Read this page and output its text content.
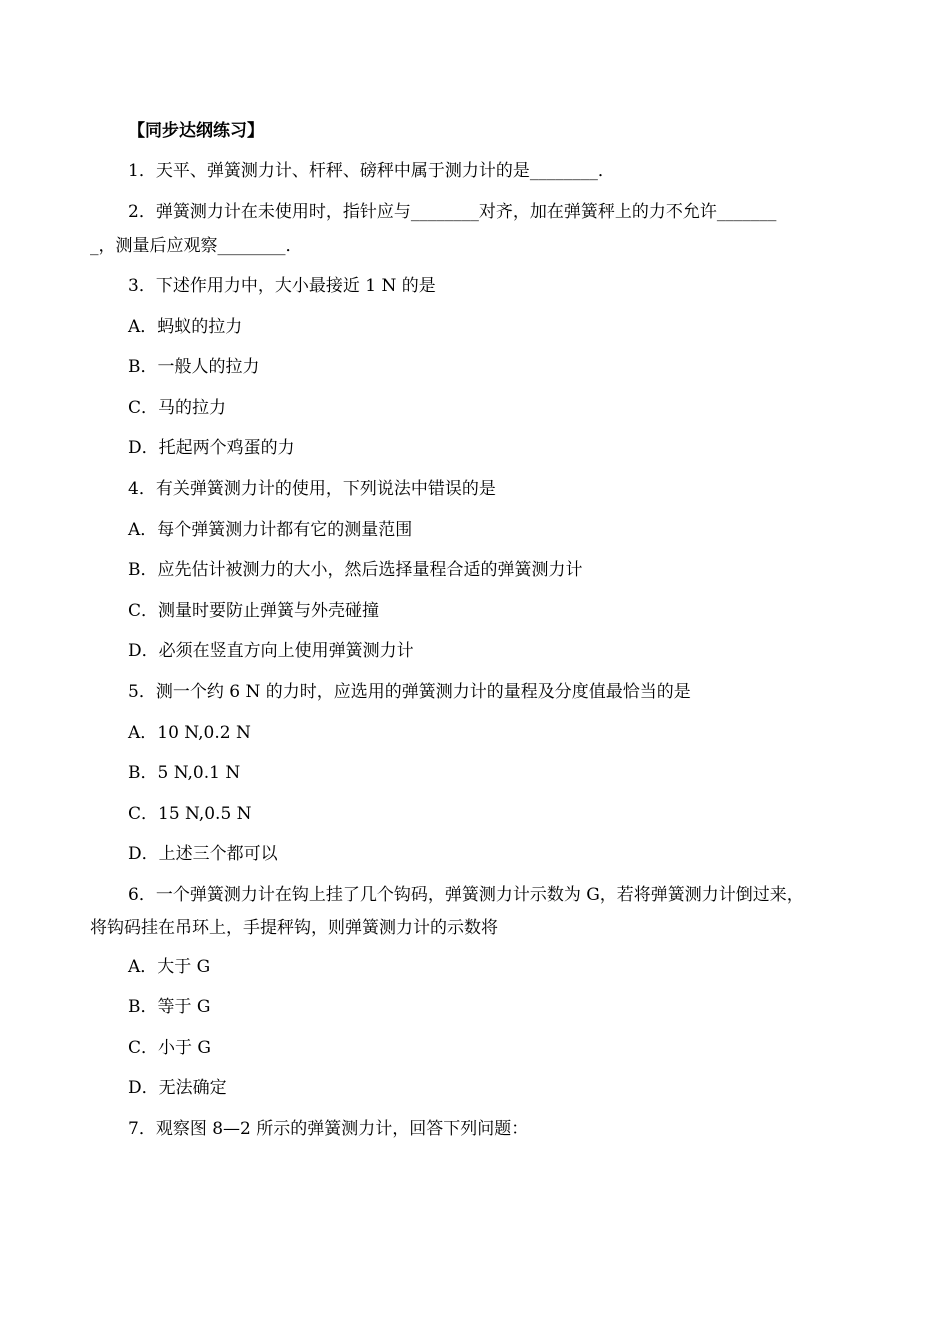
【同步达纲练习】
1．天平、弹簧测力计、杆秤、磅秤中属于测力计的是________．
2．弹簧测力计在未使用时，指针应与________对齐，加在弹簧秤上的力不允许_______
_，测量后应观察________．
3．下述作用力中，大小最接近 1 N 的是
A．蚂蚁的拉力
B．一般人的拉力
C．马的拉力
D．托起两个鸡蛋的力
4．有关弹簧测力计的使用，下列说法中错误的是
A．每个弹簧测力计都有它的测量范围
B．应先估计被测力的大小，然后选择量程合适的弹簧测力计
C．测量时要防止弹簧与外壳碰撞
D．必须在竖直方向上使用弹簧测力计
5．测一个约 6 N 的力时，应选用的弹簧测力计的量程及分度值最恰当的是
A．10 N,0.2 N
B．5 N,0.1 N
C．15 N,0.5 N
D．上述三个都可以
6．一个弹簧测力计在钩上挂了几个钩码，弹簧测力计示数为 G，若将弹簧测力计倒过来，
将钩码挂在吊环上，手提秤钩，则弹簧测力计的示数将
A．大于 G
B．等于 G
C．小于 G
D．无法确定
7．观察图 8—2 所示的弹簧测力计，回答下列问题：
